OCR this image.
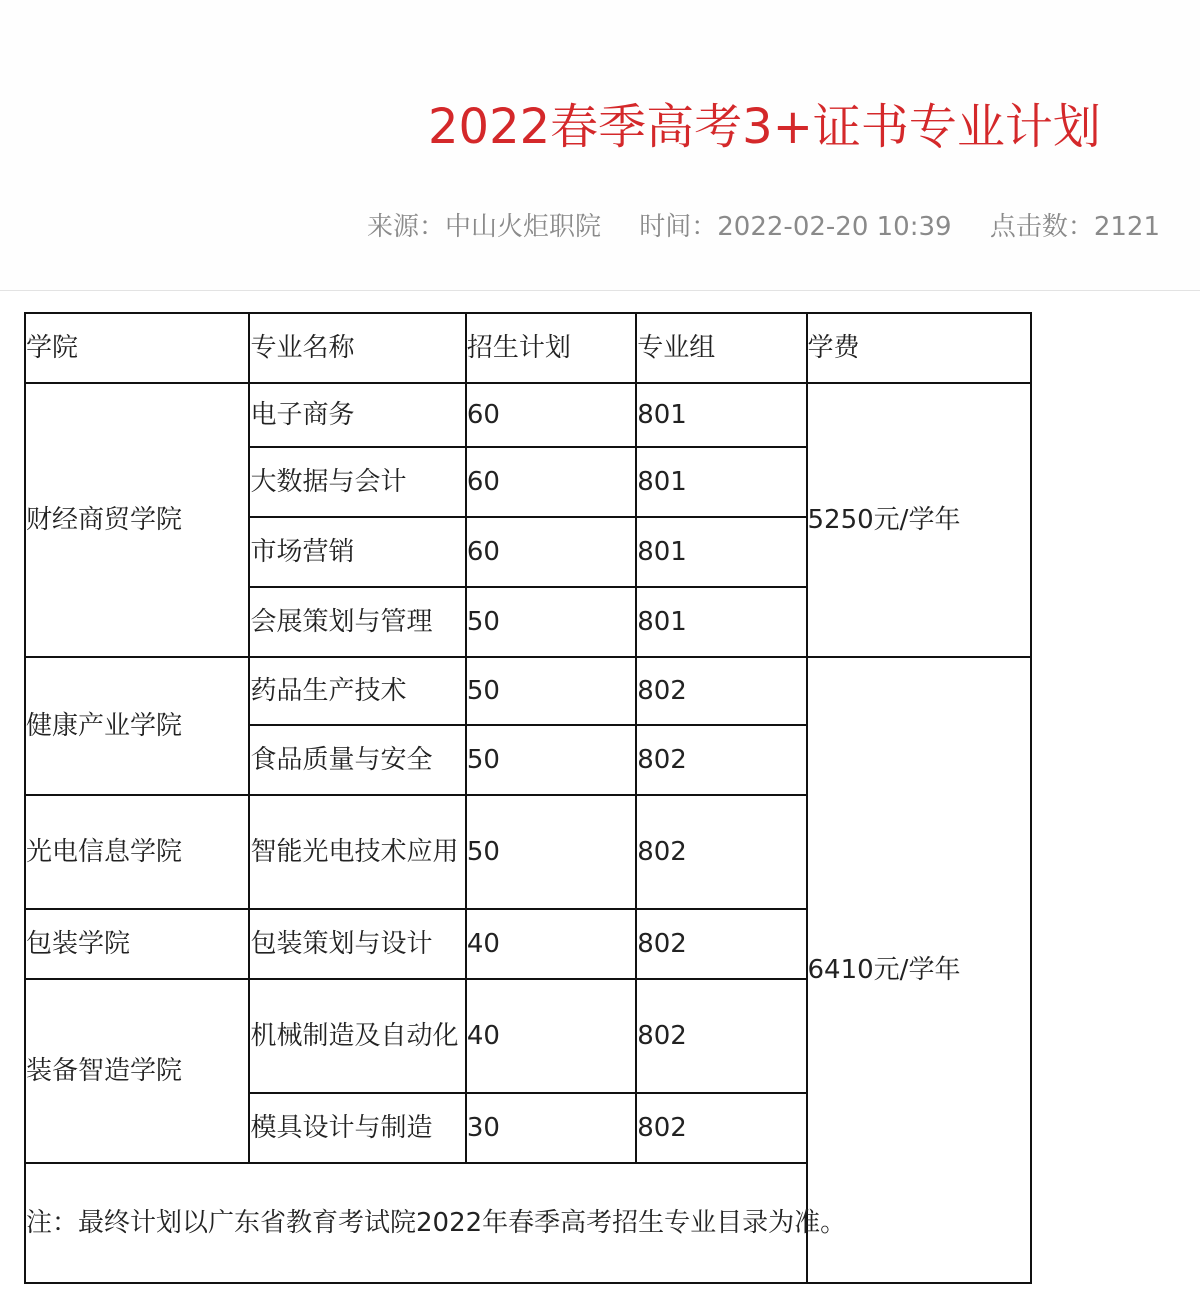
2022春季高考3+证书专业计划
来源：中山火炬职院 时间：2022-02-20 10:39 点击数：2121
学院	专业名称	招生计划	专业组	学费
财经商贸学院	电子商务	60	801	5250元/学年
	大数据与会计	60	801	
	市场营销	60	801	
	会展策划与管理	50	801	
健康产业学院	药品生产技术	50	802	6410元/学年
	食品质量与安全	50	802	
光电信息学院	智能光电技术应用	50	802	
包装学院	包装策划与设计	40	802	
装备智造学院	机械制造及自动化	40	802	
	模具设计与制造	30	802	
注：最终计划以广东省教育考试院2022年春季高考招生专业目录为准。				
